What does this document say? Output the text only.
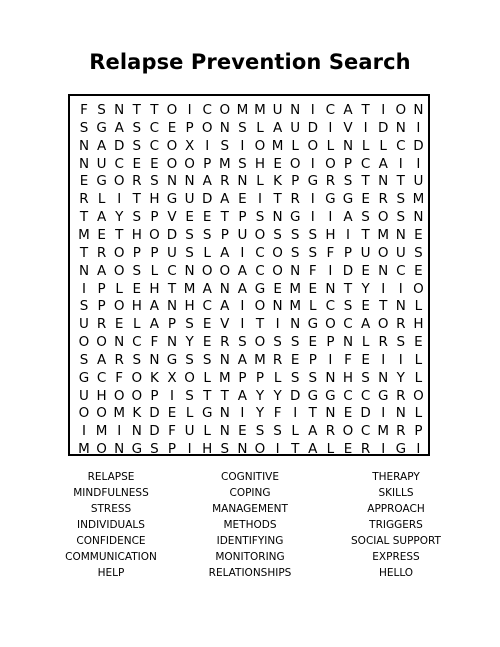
Relapse Prevention Search
F S N T T O I C O M M U N I C A T I O N
S G A S C E P O N S L A U D I V I D N I
N A D S C O X I S I O M L O L N L L C D
N U C E E O O P M S H E O I O P C A I	I
E G O R S N N A R N L K P G R S T N T U
R L I T H G U D A E I T R I G G E R S M
T A Y S P V E E T P S N G I	I A S O S N
M E T H O D S S P U O S S S H I T M N E
T R O P P U S L A I C O S S F P U O U S
N A O S L C N O O A C O N F I D E N C E
I P L E H T M A N A G E M E N T Y I	I O
S P O H A N H C A I O N M L C S E T N L
U R E L A P S E V I T I N G O C A O R H
O O N C F N Y E R S O S S E P N L R S E
S A R S N G S S N A M R E P I F E I	I L
G C F O K X O L M P P L S S N H S N Y L
U H O O P I S T T A Y Y D G G C C G R O
O O M K D E L G N I Y F I T N E D I N L
I M I N D F U L N E S S L A R O C M R P
M O N G S P I H S N O I T A L E R I G I
RELAPSE
MINDFULNESS
STRESS
INDIVIDUALS
CONFIDENCE
COMMUNICATION
HELP
COGNITIVE
COPING
MANAGEMENT
METHODS
IDENTIFYING
MONITORING
RELATIONSHIPS
THERAPY
SKILLS
APPROACH
TRIGGERS
SOCIAL SUPPORT
EXPRESS
HELLO
